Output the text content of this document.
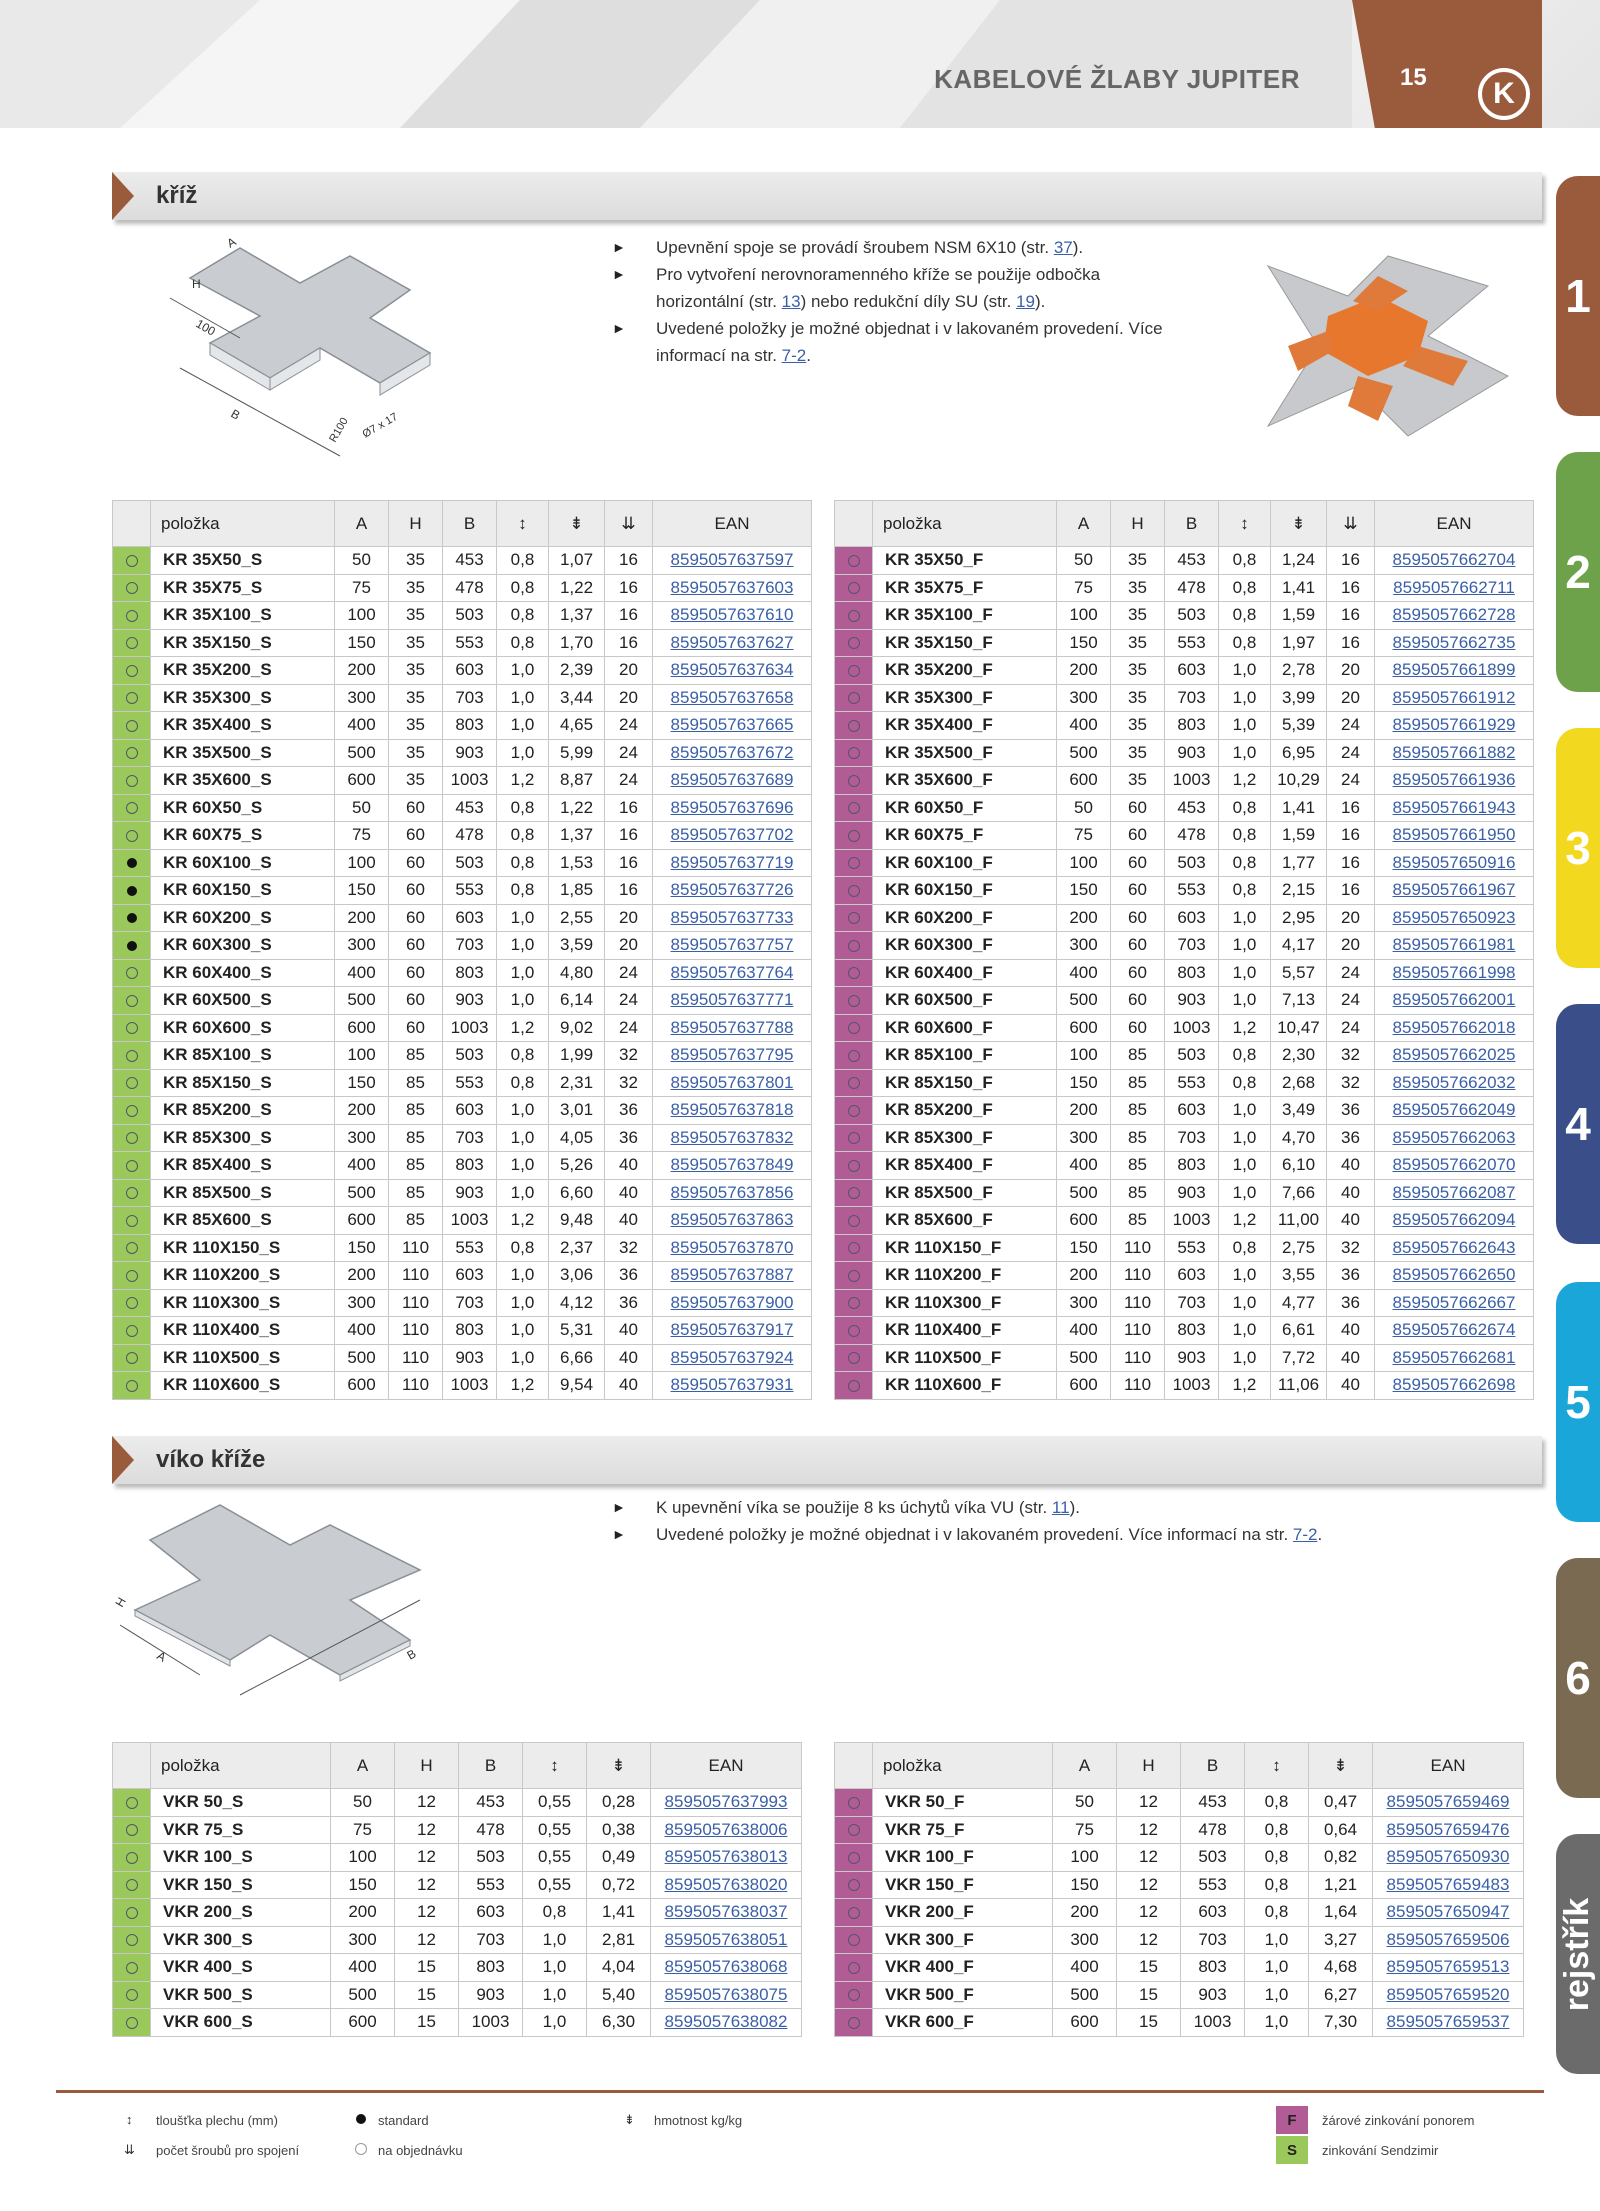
KABELOVÉ ŽLABY JUPITER	15	K
1
2
3
4
5
6
rejstřík
kříž
A
H
100
B
R100 Ø7 x 17
► Upevnění spoje se provádí šroubem NSM 6X10 (str. 37).
► Pro vytvoření nerovnoramenného kříže se použije odbočka horizontální (str. 13) nebo redukční díly SU (str. 19).
► Uvedené položky je možné objednat i v lakovaném provedení. Více informací na str. 7-2.
	položka	A	H	B	↕	⇟	⇊	EAN
	KR 35X50_S	50	35	453	0,8	1,07	16	8595057637597
	KR 35X75_S	75	35	478	0,8	1,22	16	8595057637603
	KR 35X100_S	100	35	503	0,8	1,37	16	8595057637610
	KR 35X150_S	150	35	553	0,8	1,70	16	8595057637627
	KR 35X200_S	200	35	603	1,0	2,39	20	8595057637634
	KR 35X300_S	300	35	703	1,0	3,44	20	8595057637658
	KR 35X400_S	400	35	803	1,0	4,65	24	8595057637665
	KR 35X500_S	500	35	903	1,0	5,99	24	8595057637672
	KR 35X600_S	600	35	1003	1,2	8,87	24	8595057637689
	KR 60X50_S	50	60	453	0,8	1,22	16	8595057637696
	KR 60X75_S	75	60	478	0,8	1,37	16	8595057637702
	KR 60X100_S	100	60	503	0,8	1,53	16	8595057637719
	KR 60X150_S	150	60	553	0,8	1,85	16	8595057637726
	KR 60X200_S	200	60	603	1,0	2,55	20	8595057637733
	KR 60X300_S	300	60	703	1,0	3,59	20	8595057637757
	KR 60X400_S	400	60	803	1,0	4,80	24	8595057637764
	KR 60X500_S	500	60	903	1,0	6,14	24	8595057637771
	KR 60X600_S	600	60	1003	1,2	9,02	24	8595057637788
	KR 85X100_S	100	85	503	0,8	1,99	32	8595057637795
	KR 85X150_S	150	85	553	0,8	2,31	32	8595057637801
	KR 85X200_S	200	85	603	1,0	3,01	36	8595057637818
	KR 85X300_S	300	85	703	1,0	4,05	36	8595057637832
	KR 85X400_S	400	85	803	1,0	5,26	40	8595057637849
	KR 85X500_S	500	85	903	1,0	6,60	40	8595057637856
	KR 85X600_S	600	85	1003	1,2	9,48	40	8595057637863
	KR 110X150_S	150	110	553	0,8	2,37	32	8595057637870
	KR 110X200_S	200	110	603	1,0	3,06	36	8595057637887
	KR 110X300_S	300	110	703	1,0	4,12	36	8595057637900
	KR 110X400_S	400	110	803	1,0	5,31	40	8595057637917
	KR 110X500_S	500	110	903	1,0	6,66	40	8595057637924
	KR 110X600_S	600	110	1003	1,2	9,54	40	8595057637931
	položka	A	H	B	↕	⇟	⇊	EAN
	KR 35X50_F	50	35	453	0,8	1,24	16	8595057662704
	KR 35X75_F	75	35	478	0,8	1,41	16	8595057662711
	KR 35X100_F	100	35	503	0,8	1,59	16	8595057662728
	KR 35X150_F	150	35	553	0,8	1,97	16	8595057662735
	KR 35X200_F	200	35	603	1,0	2,78	20	8595057661899
	KR 35X300_F	300	35	703	1,0	3,99	20	8595057661912
	KR 35X400_F	400	35	803	1,0	5,39	24	8595057661929
	KR 35X500_F	500	35	903	1,0	6,95	24	8595057661882
	KR 35X600_F	600	35	1003	1,2	10,29	24	8595057661936
	KR 60X50_F	50	60	453	0,8	1,41	16	8595057661943
	KR 60X75_F	75	60	478	0,8	1,59	16	8595057661950
	KR 60X100_F	100	60	503	0,8	1,77	16	8595057650916
	KR 60X150_F	150	60	553	0,8	2,15	16	8595057661967
	KR 60X200_F	200	60	603	1,0	2,95	20	8595057650923
	KR 60X300_F	300	60	703	1,0	4,17	20	8595057661981
	KR 60X400_F	400	60	803	1,0	5,57	24	8595057661998
	KR 60X500_F	500	60	903	1,0	7,13	24	8595057662001
	KR 60X600_F	600	60	1003	1,2	10,47	24	8595057662018
	KR 85X100_F	100	85	503	0,8	2,30	32	8595057662025
	KR 85X150_F	150	85	553	0,8	2,68	32	8595057662032
	KR 85X200_F	200	85	603	1,0	3,49	36	8595057662049
	KR 85X300_F	300	85	703	1,0	4,70	36	8595057662063
	KR 85X400_F	400	85	803	1,0	6,10	40	8595057662070
	KR 85X500_F	500	85	903	1,0	7,66	40	8595057662087
	KR 85X600_F	600	85	1003	1,2	11,00	40	8595057662094
	KR 110X150_F	150	110	553	0,8	2,75	32	8595057662643
	KR 110X200_F	200	110	603	1,0	3,55	36	8595057662650
	KR 110X300_F	300	110	703	1,0	4,77	36	8595057662667
	KR 110X400_F	400	110	803	1,0	6,61	40	8595057662674
	KR 110X500_F	500	110	903	1,0	7,72	40	8595057662681
	KR 110X600_F	600	110	1003	1,2	11,06	40	8595057662698
víko kříže
H
A	B
► K upevnění víka se použije 8 ks úchytů víka VU (str. 11).
► Uvedené položky je možné objednat i v lakovaném provedení. Více informací na str. 7-2.
	položka	A	H	B	↕	⇟	EAN
	VKR 50_S	50	12	453	0,55	0,28	8595057637993
	VKR 75_S	75	12	478	0,55	0,38	8595057638006
	VKR 100_S	100	12	503	0,55	0,49	8595057638013
	VKR 150_S	150	12	553	0,55	0,72	8595057638020
	VKR 200_S	200	12	603	0,8	1,41	8595057638037
	VKR 300_S	300	12	703	1,0	2,81	8595057638051
	VKR 400_S	400	15	803	1,0	4,04	8595057638068
	VKR 500_S	500	15	903	1,0	5,40	8595057638075
	VKR 600_S	600	15	1003	1,0	6,30	8595057638082
	položka	A	H	B	↕	⇟	EAN
	VKR 50_F	50	12	453	0,8	0,47	8595057659469
	VKR 75_F	75	12	478	0,8	0,64	8595057659476
	VKR 100_F	100	12	503	0,8	0,82	8595057650930
	VKR 150_F	150	12	553	0,8	1,21	8595057659483
	VKR 200_F	200	12	603	0,8	1,64	8595057650947
	VKR 300_F	300	12	703	1,0	3,27	8595057659506
	VKR 400_F	400	15	803	1,0	4,68	8595057659513
	VKR 500_F	500	15	903	1,0	6,27	8595057659520
	VKR 600_F	600	15	1003	1,0	7,30	8595057659537
↕ tloušťka plechu (mm)
⇊ počet šroubů pro spojení
standard
na objednávku
⇟ hmotnost kg/kg	F	žárové zinkování ponorem
S	zinkování Sendzimir
